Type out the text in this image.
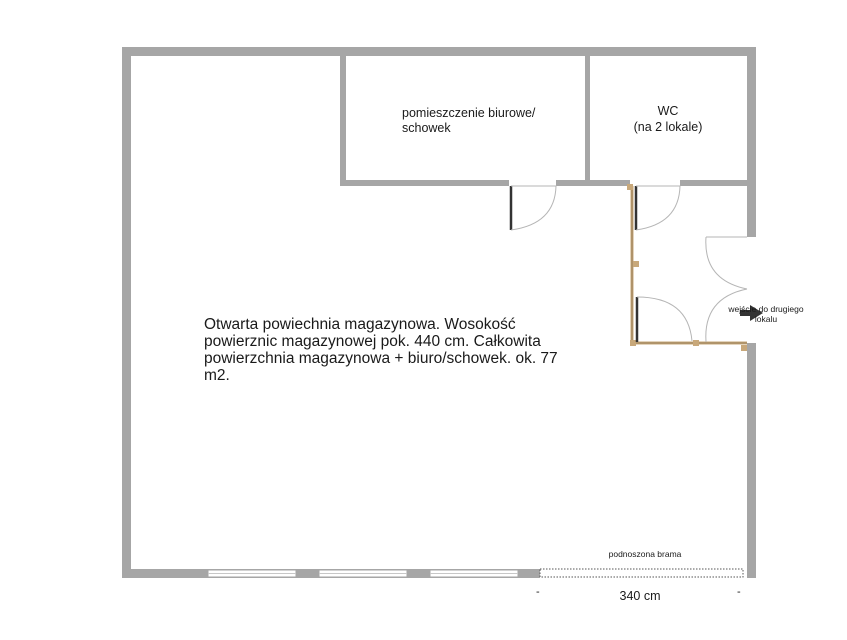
Otwarta powiechnia magazynowa. Wosokość powierznic magazynowej pok. 440 cm. Całkowita powierzchnia magazynowa + biuro/schowek. ok. 77 m2.
pomieszczenie biurowe/ schowek
WC
(na 2 lokale)
wejście do drugiego lokalu
podnoszona brama
340 cm
-	-
